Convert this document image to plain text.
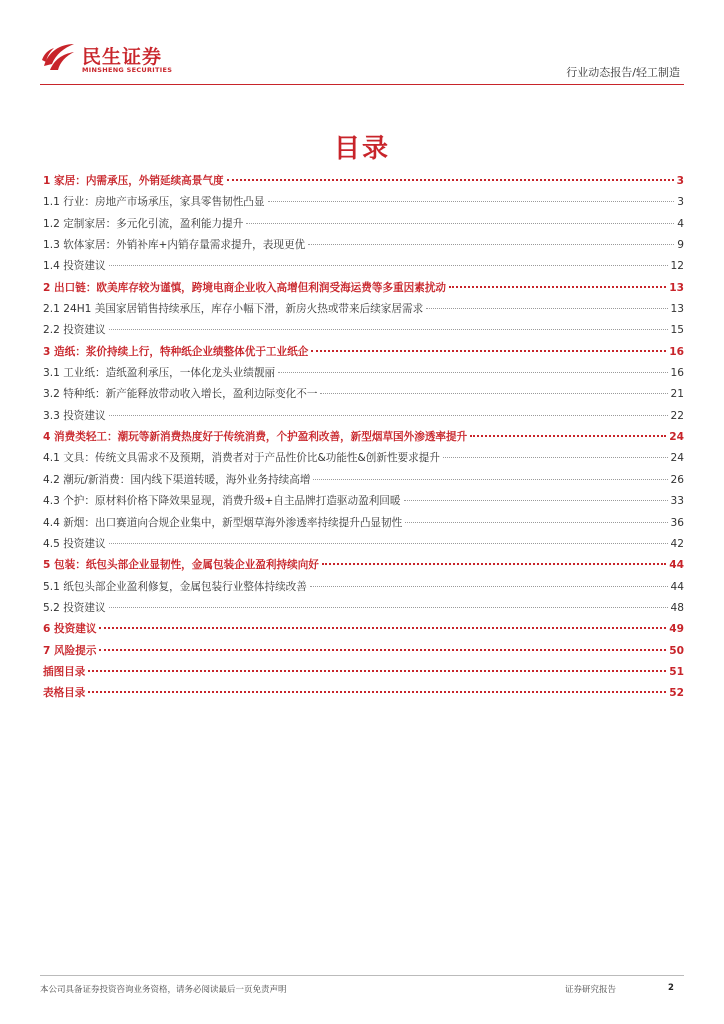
民生证券
MINSHENG SECURITIES	行业动态报告/轻工制造
目录
1 家居：内需承压，外销延续高景气度	3
1.1 行业：房地产市场承压，家具零售韧性凸显	3
1.2 定制家居：多元化引流，盈利能力提升	4
1.3 软体家居：外销补库+内销存量需求提升，表现更优	9
1.4 投资建议	12
2 出口链：欧美库存较为谨慎，跨境电商企业收入高增但利润受海运费等多重因素扰动	13
2.1 24H1 美国家居销售持续承压，库存小幅下滑，新房火热或带来后续家居需求	13
2.2 投资建议	15
3 造纸：浆价持续上行，特种纸企业绩整体优于工业纸企	16
3.1 工业纸：造纸盈利承压，一体化龙头业绩靓丽	16
3.2 特种纸：新产能释放带动收入增长，盈利边际变化不一	21
3.3 投资建议	22
4 消费类轻工：潮玩等新消费热度好于传统消费，个护盈利改善，新型烟草国外渗透率提升	24
4.1 文具：传统文具需求不及预期，消费者对于产品性价比&功能性&创新性要求提升	24
4.2 潮玩/新消费：国内线下渠道转暖，海外业务持续高增	26
4.3 个护：原材料价格下降效果显现，消费升级+自主品牌打造驱动盈利回暖	33
4.4 新烟：出口赛道向合规企业集中，新型烟草海外渗透率持续提升凸显韧性	36
4.5 投资建议	42
5 包装：纸包头部企业显韧性，金属包装企业盈利持续向好	44
5.1 纸包头部企业盈利修复，金属包装行业整体持续改善	44
5.2 投资建议	48
6 投资建议	49
7 风险提示	50
插图目录	51
表格目录	52
本公司具备证券投资咨询业务资格，请务必阅读最后一页免责声明	证券研究报告	2
